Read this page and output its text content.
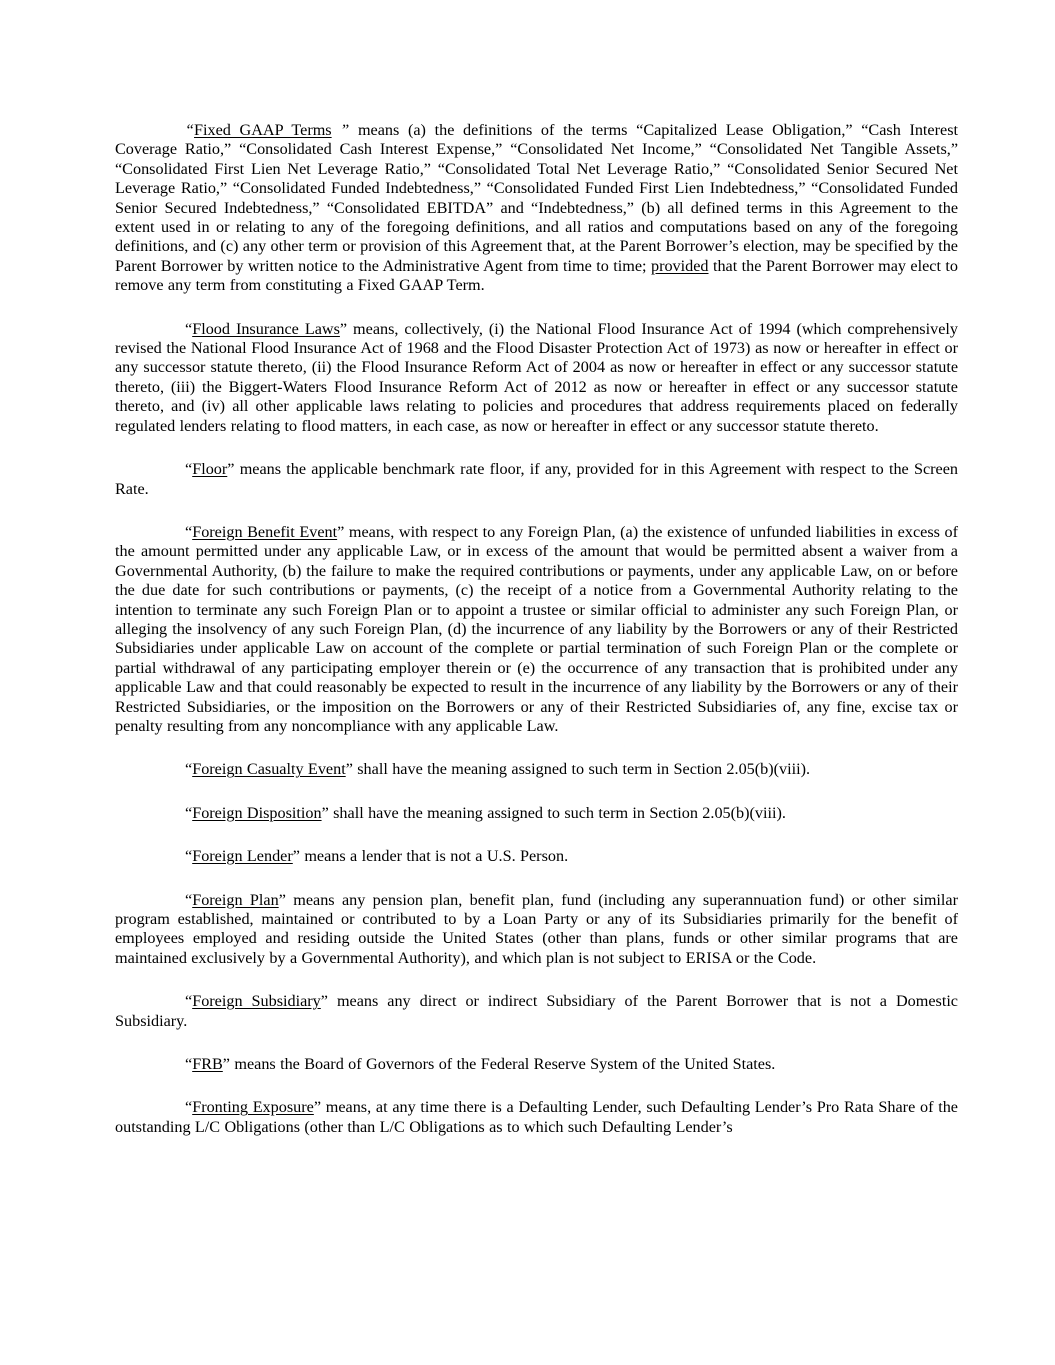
“Fixed GAAP Terms ” means (a) the definitions of the terms “Capitalized Lease Obligation,” “Cash Interest Coverage Ratio,” “Consolidated Cash Interest Expense,” “Consolidated Net Income,” “Consolidated Net Tangible Assets,” “Consolidated First Lien Net Leverage Ratio,” “Consolidated Total Net Leverage Ratio,” “Consolidated Senior Secured Net Leverage Ratio,” “Consolidated Funded Indebtedness,” “Consolidated Funded First Lien Indebtedness,” “Consolidated Funded Senior Secured Indebtedness,” “Consolidated EBITDA” and “Indebtedness,” (b) all defined terms in this Agreement to the extent used in or relating to any of the foregoing definitions, and all ratios and computations based on any of the foregoing definitions, and (c) any other term or provision of this Agreement that, at the Parent Borrower’s election, may be specified by the Parent Borrower by written notice to the Administrative Agent from time to time; provided that the Parent Borrower may elect to remove any term from constituting a Fixed GAAP Term.

“Flood Insurance Laws” means, collectively, (i) the National Flood Insurance Act of 1994 (which comprehensively revised the National Flood Insurance Act of 1968 and the Flood Disaster Protection Act of 1973) as now or hereafter in effect or any successor statute thereto, (ii) the Flood Insurance Reform Act of 2004 as now or hereafter in effect or any successor statute thereto, (iii) the Biggert-Waters Flood Insurance Reform Act of 2012 as now or hereafter in effect or any successor statute thereto, and (iv) all other applicable laws relating to policies and procedures that address requirements placed on federally regulated lenders relating to flood matters, in each case, as now or hereafter in effect or any successor statute thereto.

“Floor” means the applicable benchmark rate floor, if any, provided for in this Agreement with respect to the Screen Rate.

“Foreign Benefit Event” means, with respect to any Foreign Plan, (a) the existence of unfunded liabilities in excess of the amount permitted under any applicable Law, or in excess of the amount that would be permitted absent a waiver from a Governmental Authority, (b) the failure to make the required contributions or payments, under any applicable Law, on or before the due date for such contributions or payments, (c) the receipt of a notice from a Governmental Authority relating to the intention to terminate any such Foreign Plan or to appoint a trustee or similar official to administer any such Foreign Plan, or alleging the insolvency of any such Foreign Plan, (d) the incurrence of any liability by the Borrowers or any of their Restricted Subsidiaries under applicable Law on account of the complete or partial termination of such Foreign Plan or the complete or partial withdrawal of any participating employer therein or (e) the occurrence of any transaction that is prohibited under any applicable Law and that could reasonably be expected to result in the incurrence of any liability by the Borrowers or any of their Restricted Subsidiaries, or the imposition on the Borrowers or any of their Restricted Subsidiaries of, any fine, excise tax or penalty resulting from any noncompliance with any applicable Law.

“Foreign Casualty Event” shall have the meaning assigned to such term in Section 2.05(b)(viii).

“Foreign Disposition” shall have the meaning assigned to such term in Section 2.05(b)(viii).

“Foreign Lender” means a lender that is not a U.S. Person.

“Foreign Plan” means any pension plan, benefit plan, fund (including any superannuation fund) or other similar program established, maintained or contributed to by a Loan Party or any of its Subsidiaries primarily for the benefit of employees employed and residing outside the United States (other than plans, funds or other similar programs that are maintained exclusively by a Governmental Authority), and which plan is not subject to ERISA or the Code.

“Foreign Subsidiary” means any direct or indirect Subsidiary of the Parent Borrower that is not a Domestic Subsidiary.

“FRB” means the Board of Governors of the Federal Reserve System of the United States.

“Fronting Exposure” means, at any time there is a Defaulting Lender, such Defaulting Lender’s Pro Rata Share of the outstanding L/C Obligations (other than L/C Obligations as to which such Defaulting Lender’s
